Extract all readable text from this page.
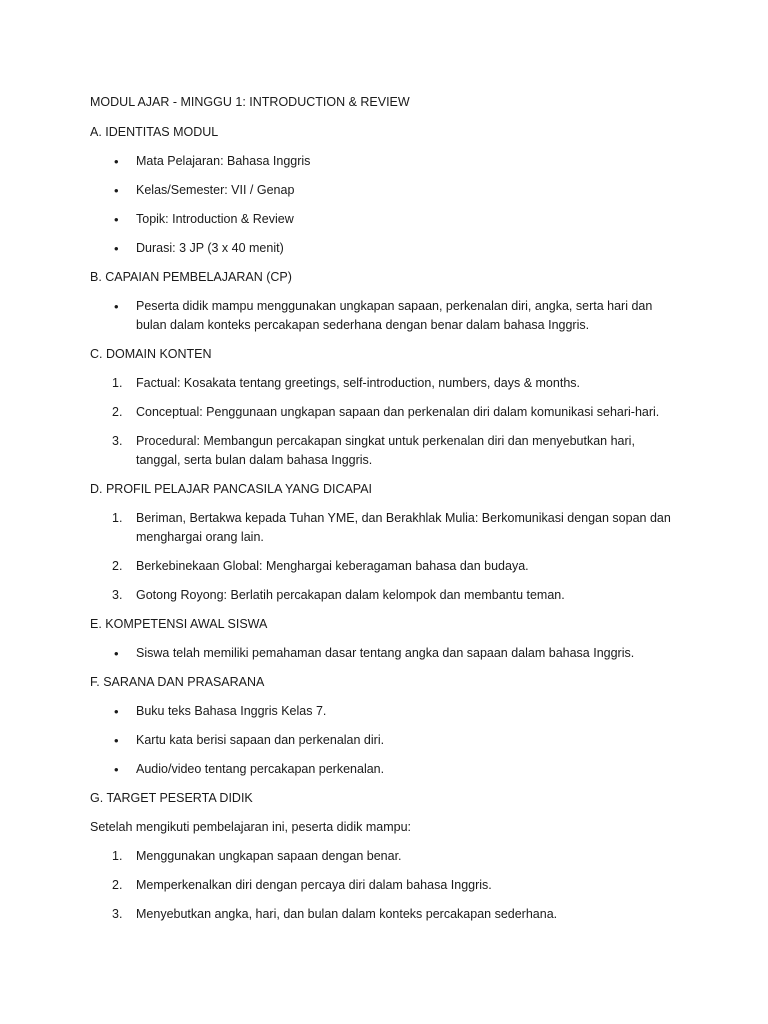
MODUL AJAR - MINGGU 1: INTRODUCTION & REVIEW

A. IDENTITAS MODUL

• Mata Pelajaran: Bahasa Inggris
• Kelas/Semester: VII / Genap
• Topik: Introduction & Review
• Durasi: 3 JP (3 x 40 menit)

B. CAPAIAN PEMBELAJARAN (CP)

• Peserta didik mampu menggunakan ungkapan sapaan, perkenalan diri, angka, serta hari dan bulan dalam konteks percakapan sederhana dengan benar dalam bahasa Inggris.

C. DOMAIN KONTEN

1. Factual: Kosakata tentang greetings, self-introduction, numbers, days & months.
2. Conceptual: Penggunaan ungkapan sapaan dan perkenalan diri dalam komunikasi sehari-hari.
3. Procedural: Membangun percakapan singkat untuk perkenalan diri dan menyebutkan hari, tanggal, serta bulan dalam bahasa Inggris.

D. PROFIL PELAJAR PANCASILA YANG DICAPAI

1. Beriman, Bertakwa kepada Tuhan YME, dan Berakhlak Mulia: Berkomunikasi dengan sopan dan menghargai orang lain.
2. Berkebinekaan Global: Menghargai keberagaman bahasa dan budaya.
3. Gotong Royong: Berlatih percakapan dalam kelompok dan membantu teman.

E. KOMPETENSI AWAL SISWA

• Siswa telah memiliki pemahaman dasar tentang angka dan sapaan dalam bahasa Inggris.

F. SARANA DAN PRASARANA

• Buku teks Bahasa Inggris Kelas 7.
• Kartu kata berisi sapaan dan perkenalan diri.
• Audio/video tentang percakapan perkenalan.

G. TARGET PESERTA DIDIK

Setelah mengikuti pembelajaran ini, peserta didik mampu:

1. Menggunakan ungkapan sapaan dengan benar.
2. Memperkenalkan diri dengan percaya diri dalam bahasa Inggris.
3. Menyebutkan angka, hari, dan bulan dalam konteks percakapan sederhana.
